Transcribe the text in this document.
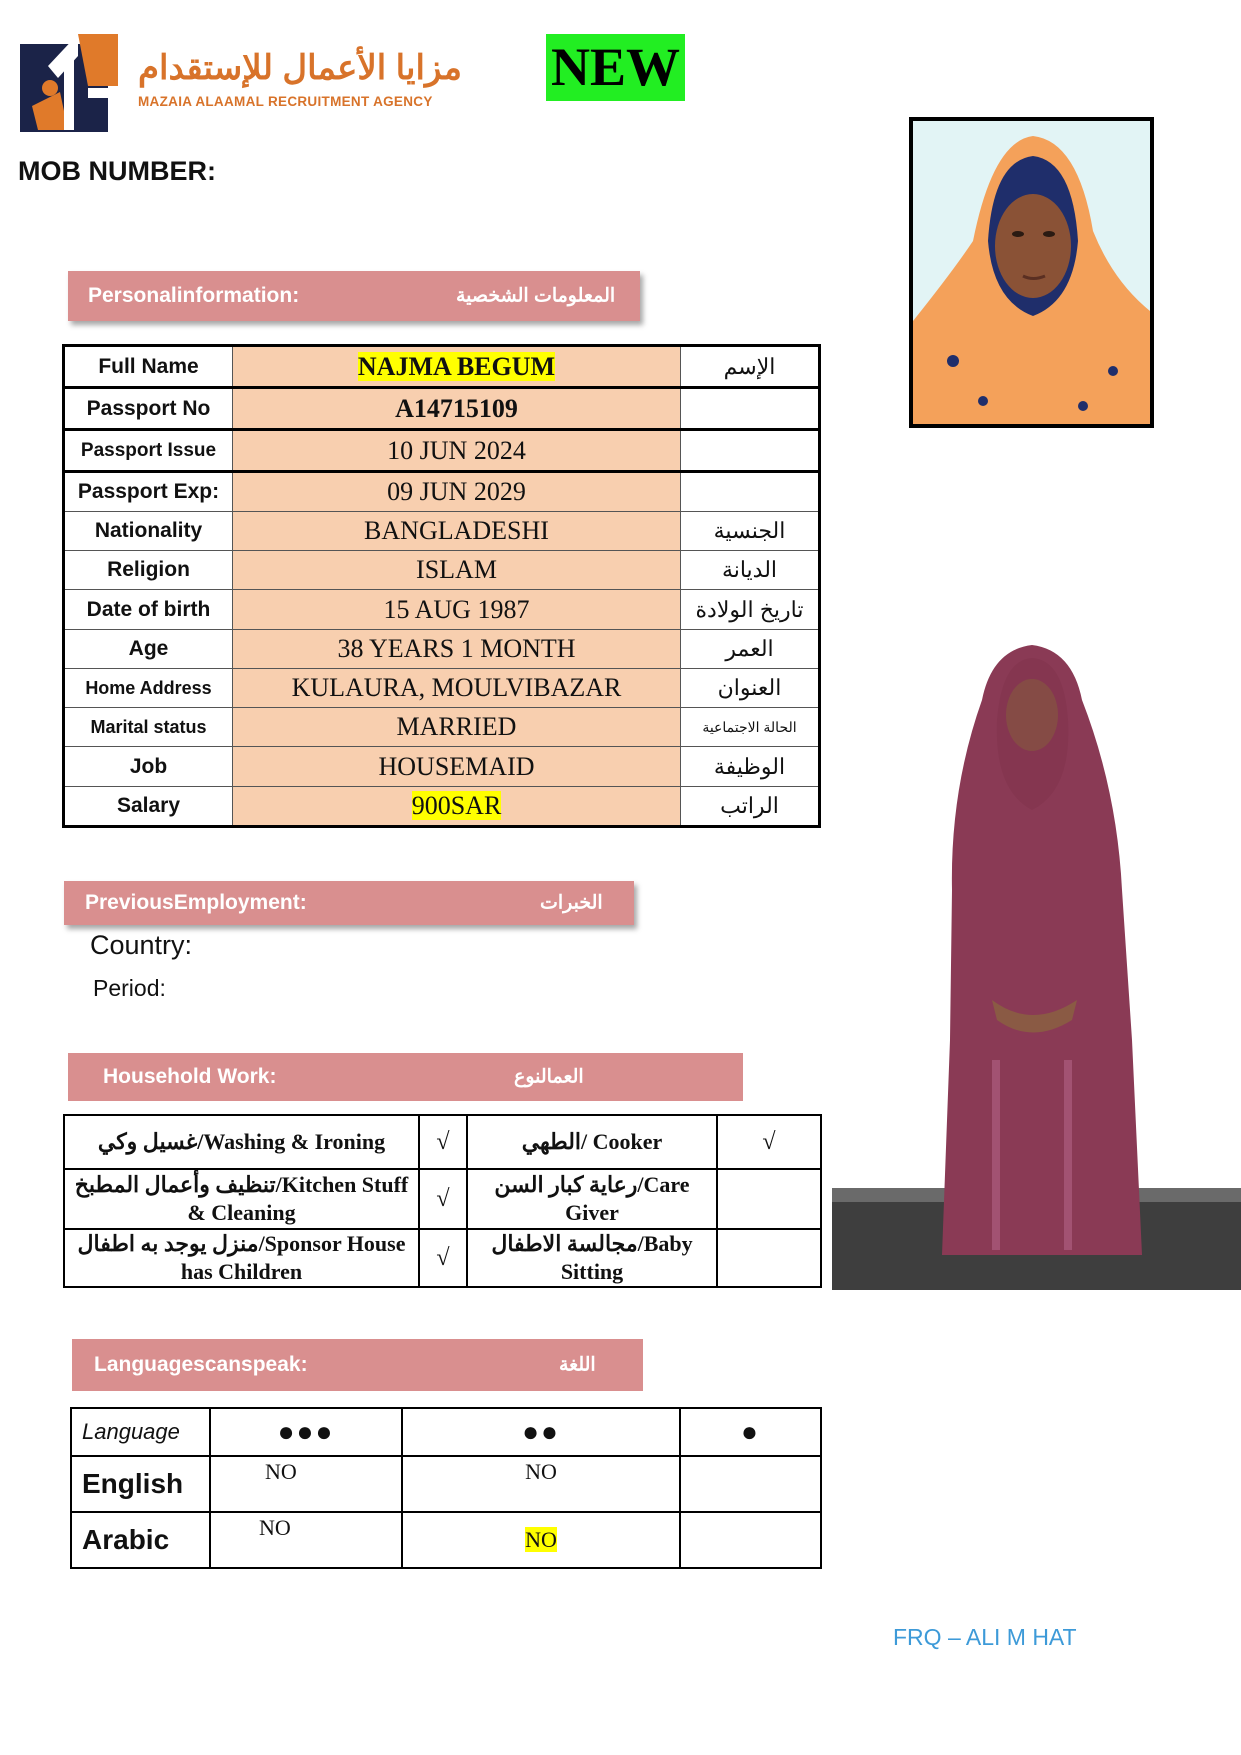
مزايا الأعمال للإستقدام
MAZAIA ALAAMAL RECRUITMENT AGENCY
NEW
MOB NUMBER:
Personalinformation:	المعلومات الشخصية
Full Name	NAJMA BEGUM	الإسم
Passport No	A14715109	
Passport Issue	10 JUN 2024	
Passport Exp:	09 JUN 2029	
Nationality	BANGLADESHI	الجنسية
Religion	ISLAM	الديانة
Date of birth	15 AUG 1987	تاريخ الولادة
Age	38 YEARS 1 MONTH	العمر
Home Address	KULAURA, MOULVIBAZAR	العنوان
Marital status	MARRIED	الحالة الاجتماعية
Job	HOUSEMAID	الوظيفة
Salary	900SAR	الراتب
PreviousEmployment:	الخبرات
Country:
Period:
Household Work:	العمالنوع
غسيل وكي/Washing & Ironing	√	الطهي/ Cooker	√
تنظيف وأعمال المطبخ/Kitchen Stuff & Cleaning	√	رعاية كبار السن/Care Giver	
منزل يوجد به اطفال/Sponsor House has Children	√	مجالسة الاطفال/Baby Sitting	
Languagescanspeak:	اللغة
Language	●●●	●●	●
English	NO	NO	
Arabic	NO	NO	
FRQ – ALI M HAT
